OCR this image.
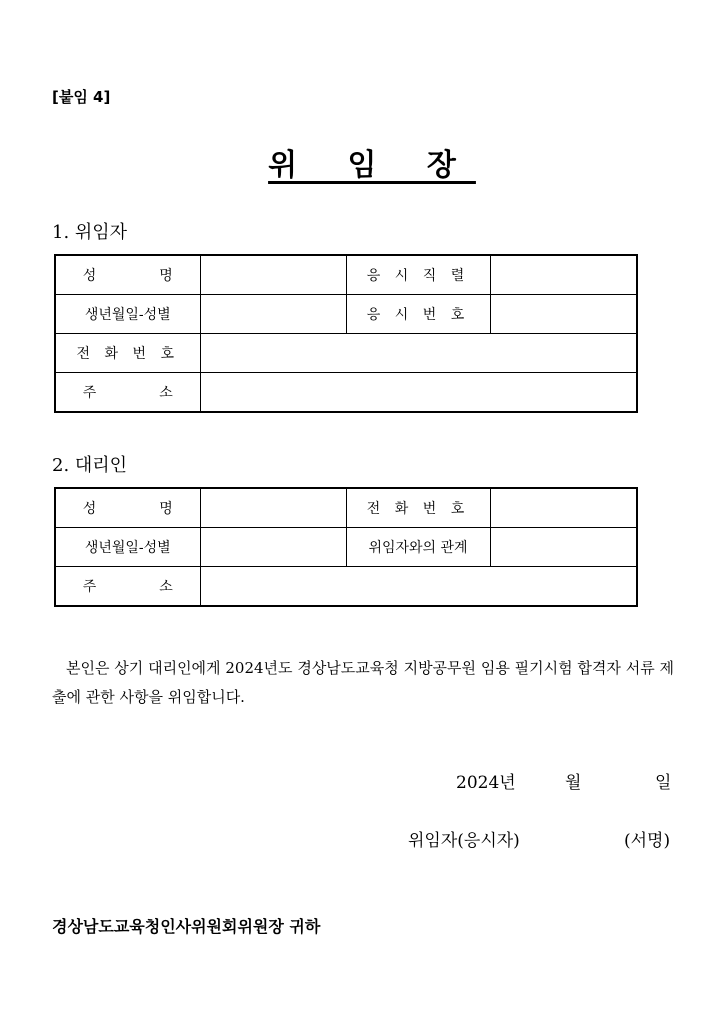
[붙임 4]
위 임 장
1. 위임자
성 명		응 시 직 렬	
생년월일-성별		응 시 번 호	
전 화 번 호			

주 소			

2. 대리인
성 명		전 화 번 호	
생년월일-성별		위임자와의 관계	

주 소			

본인은 상기 대리인에게 2024년도 경상남도교육청 지방공무원 임용 필기시험 합격자 서류 제출에 관한 사항을 위임합니다.
2024년	월	일
위임자(응시자)	(서명)
경상남도교육청인사위원회위원장 귀하
